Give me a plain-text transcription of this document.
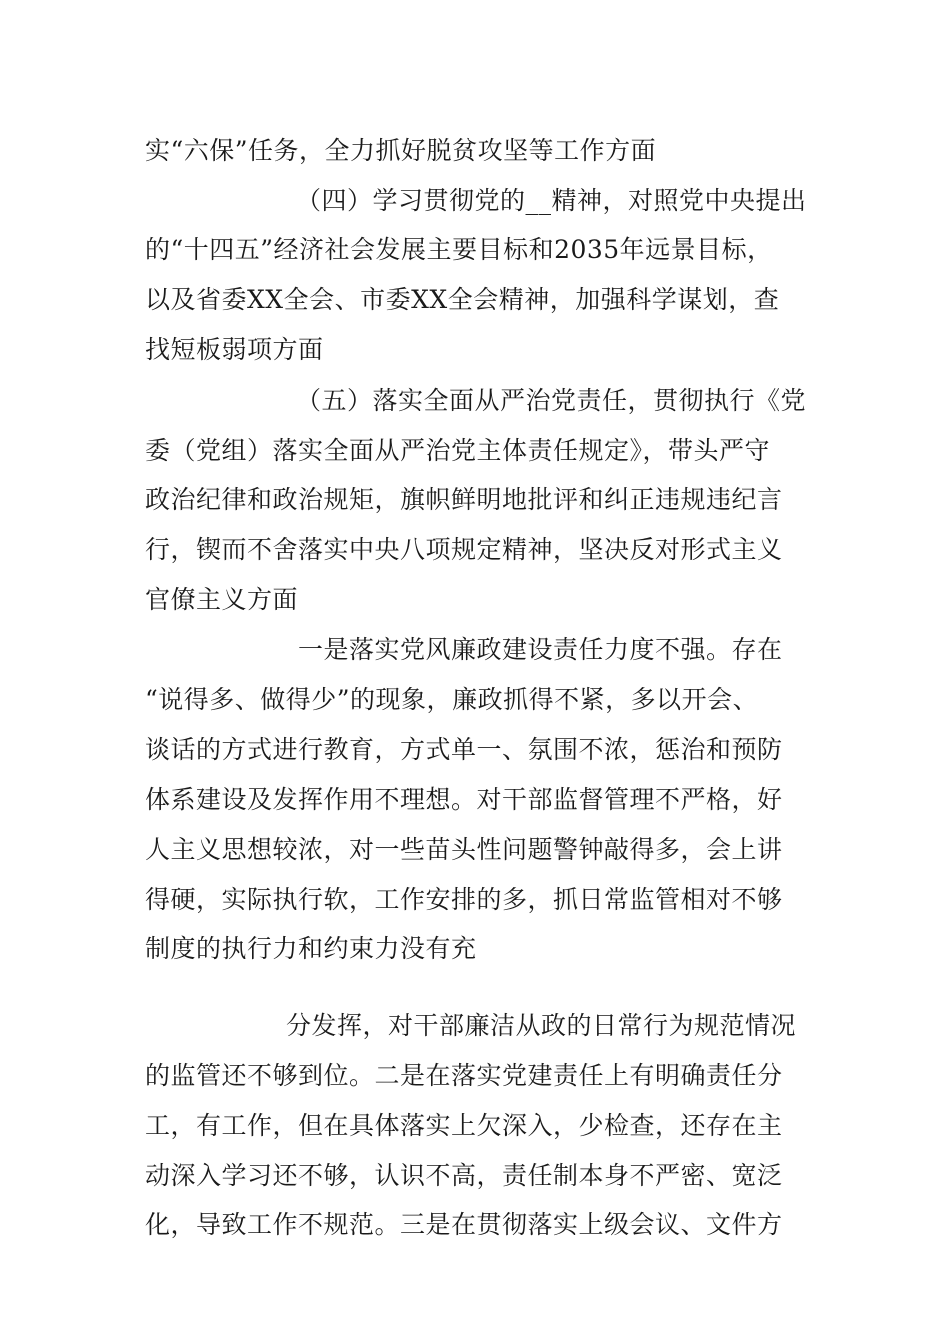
实“六保”任务，全力抓好脱贫攻坚等工作方面
（四）学习贯彻党的__精神，对照党中央提出
的“十四五”经济社会发展主要目标和2035年远景目标，
以及省委XX全会、市委XX全会精神，加强科学谋划，查
找短板弱项方面
（五）落实全面从严治党责任，贯彻执行《党
委（党组）落实全面从严治党主体责任规定》，带头严守
政治纪律和政治规矩，旗帜鲜明地批评和纠正违规违纪言
行，锲而不舍落实中央八项规定精神，坚决反对形式主义
官僚主义方面
一是落实党风廉政建设责任力度不强。存在
“说得多、做得少”的现象，廉政抓得不紧，多以开会、
谈话的方式进行教育，方式单一、氛围不浓，惩治和预防
体系建设及发挥作用不理想。对干部监督管理不严格，好
人主义思想较浓，对一些苗头性问题警钟敲得多，会上讲
得硬，实际执行软，工作安排的多，抓日常监管相对不够
制度的执行力和约束力没有充
分发挥，对干部廉洁从政的日常行为规范情况
的监管还不够到位。二是在落实党建责任上有明确责任分
工，有工作，但在具体落实上欠深入，少检查，还存在主
动深入学习还不够，认识不高，责任制本身不严密、宽泛
化，导致工作不规范。三是在贯彻落实上级会议、文件方
